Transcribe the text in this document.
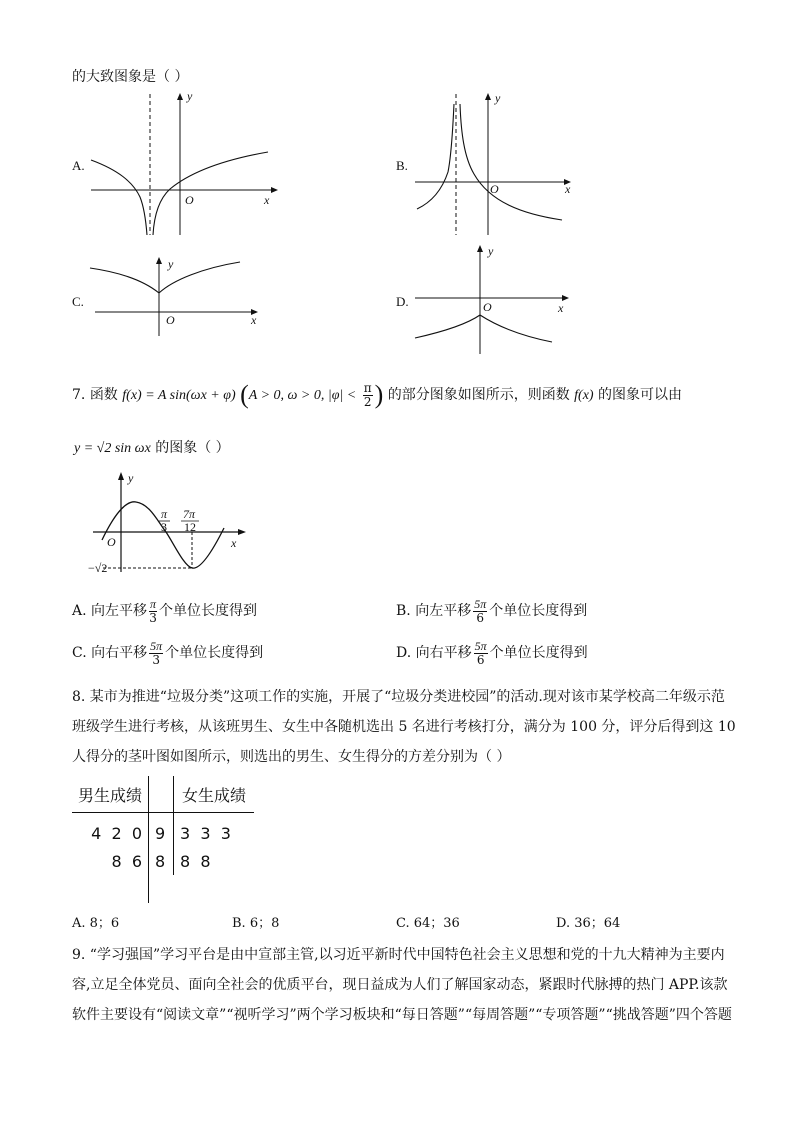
的大致图象是（ ）
A.
y
x
O
B.
y
x
O
C.
y
x
O
D.
y
x
O
7. 函数 f(x) = A sin(ωx + φ) (A > 0, ω > 0, $|\varphi| < \frac{\pi}{2}$ ) 的部分图象如图所示，则函数 f(x) 的图象可以由
y = √2 sin ωx 的图象（ ）
y
x
O
π
3
7π
12
−√2
A. 向左平移 $\frac{\pi}{3}$ 个单位长度得到	B. 向左平移 $\frac{5\pi}{6}$ 个单位长度得到
C. 向右平移 $\frac{5\pi}{3}$ 个单位长度得到	D. 向右平移 $\frac{5\pi}{6}$ 个单位长度得到
8. 某市为推进“垃圾分类”这项工作的实施，开展了“垃圾分类进校园”的活动.现对该市某学校高二年级示范
班级学生进行考核，从该班男生、女生中各随机选出 5 名进行考核打分，满分为 100 分，评分后得到这 10
人得分的茎叶图如图所示，则选出的男生、女生得分的方差分别为（ ）
男生成绩		女生成绩
4  2  0	9	3  3  3
8  6	8	8  8

A. 8；6	B. 6；8	C. 64；36	D. 36；64
9. “学习强国”学习平台是由中宣部主管,以习近平新时代中国特色社会主义思想和党的十九大精神为主要内
容,立足全体党员、面向全社会的优质平台，现日益成为人们了解国家动态，紧跟时代脉搏的热门 APP.该款
软件主要设有“阅读文章”“视听学习”两个学习板块和“每日答题”“每周答题”“专项答题”“挑战答题”四个答题
